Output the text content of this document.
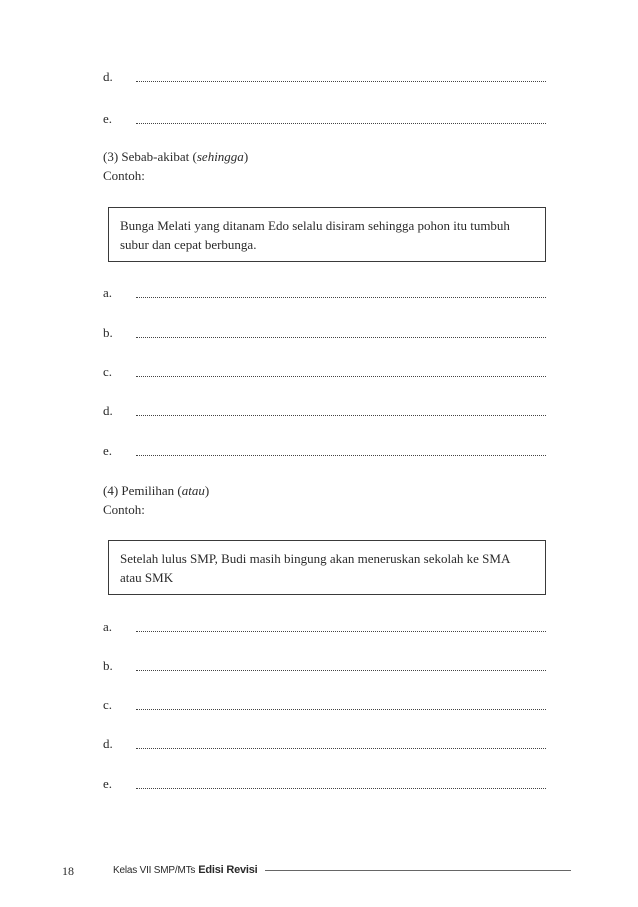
d.
e.
(3) Sebab-akibat (sehingga)
Contoh:
Bunga Melati yang ditanam Edo selalu disiram sehingga pohon itu tumbuh subur dan cepat berbunga.
a.
b.
c.
d.
e.
(4) Pemilihan (atau)
Contoh:
Setelah lulus SMP, Budi masih bingung akan meneruskan sekolah ke SMA atau SMK
a.
b.
c.
d.
e.
18	Kelas VII SMP/MTs Edisi Revisi
